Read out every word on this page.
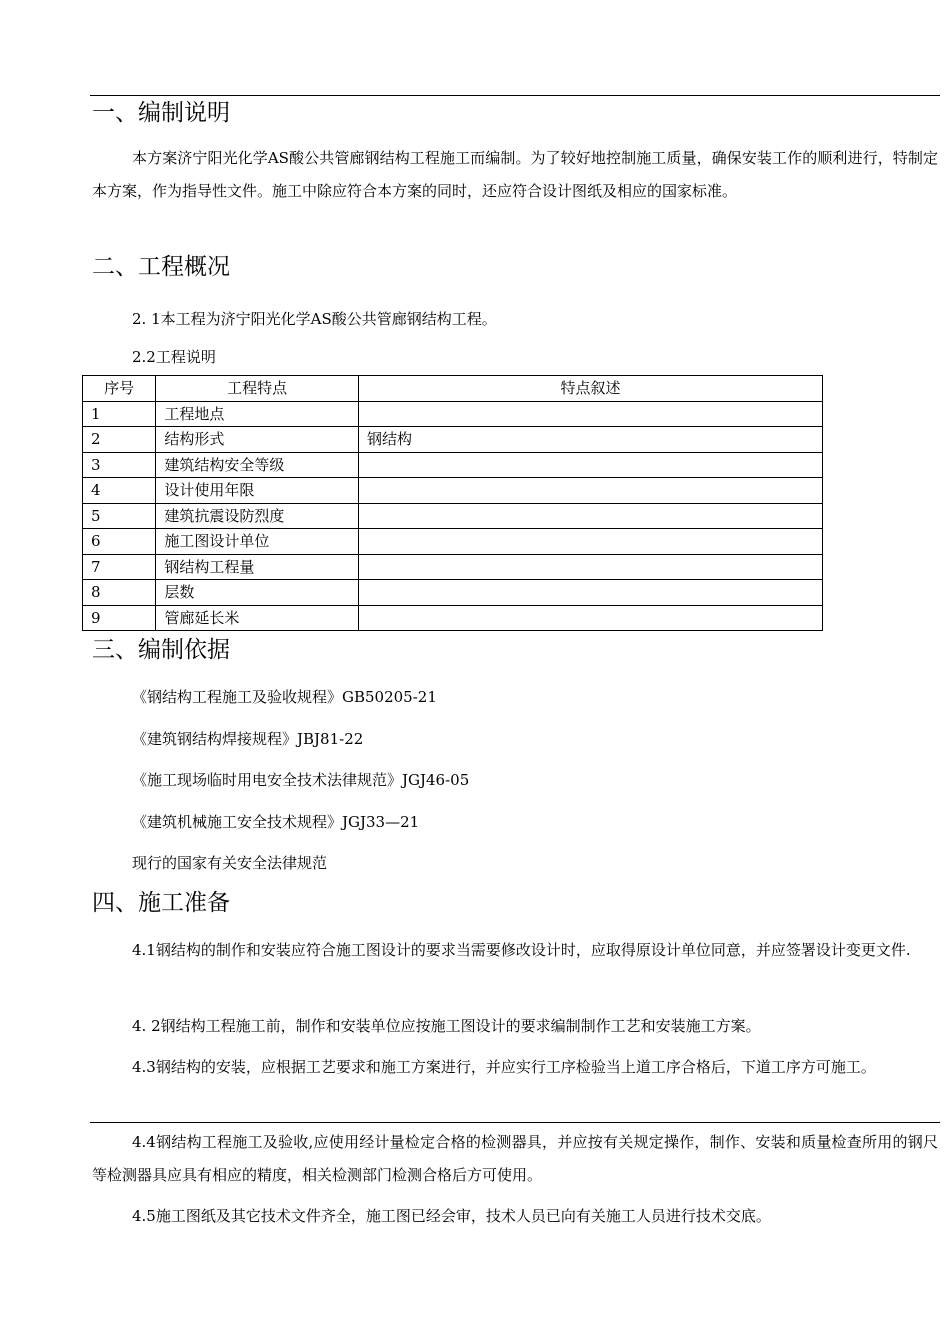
一、编制说明

本方案济宁阳光化学AS酸公共管廊钢结构工程施工而编制。为了较好地控制施工质量，确保安装工作的顺利进行，特制定本方案，作为指导性文件。施工中除应符合本方案的同时，还应符合设计图纸及相应的国家标准。

二、工程概况
2. 1本工程为济宁阳光化学AS酸公共管廊钢结构工程。
2.2工程说明
序号	工程特点	特点叙述
1	工程地点	
2	结构形式	钢结构
3	建筑结构安全等级	
4	设计使用年限	
5	建筑抗震设防烈度	
6	施工图设计单位	
7	钢结构工程量	
8	层数	
9	管廊延长米	
三、编制依据
《钢结构工程施工及验收规程》GB50205-21
《建筑钢结构焊接规程》JBJ81-22
《施工现场临时用电安全技术法律规范》JGJ46-05
《建筑机械施工安全技术规程》JGJ33—21
现行的国家有关安全法律规范
四、施工准备

4.1钢结构的制作和安装应符合施工图设计的要求当需要修改设计时，应取得原设计单位同意，并应签署设计变更文件.

4. 2钢结构工程施工前，制作和安装单位应按施工图设计的要求编制制作工艺和安装施工方案。

4.3钢结构的安装，应根据工艺要求和施工方案进行，并应实行工序检验当上道工序合格后，下道工序方可施工。

4.4钢结构工程施工及验收,应使用经计量检定合格的检测器具，并应按有关规定操作，制作、安装和质量检查所用的钢尺等检测器具应具有相应的精度，相关检测部门检测合格后方可使用。

4.5施工图纸及其它技术文件齐全，施工图已经会审，技术人员已向有关施工人员进行技术交底。
